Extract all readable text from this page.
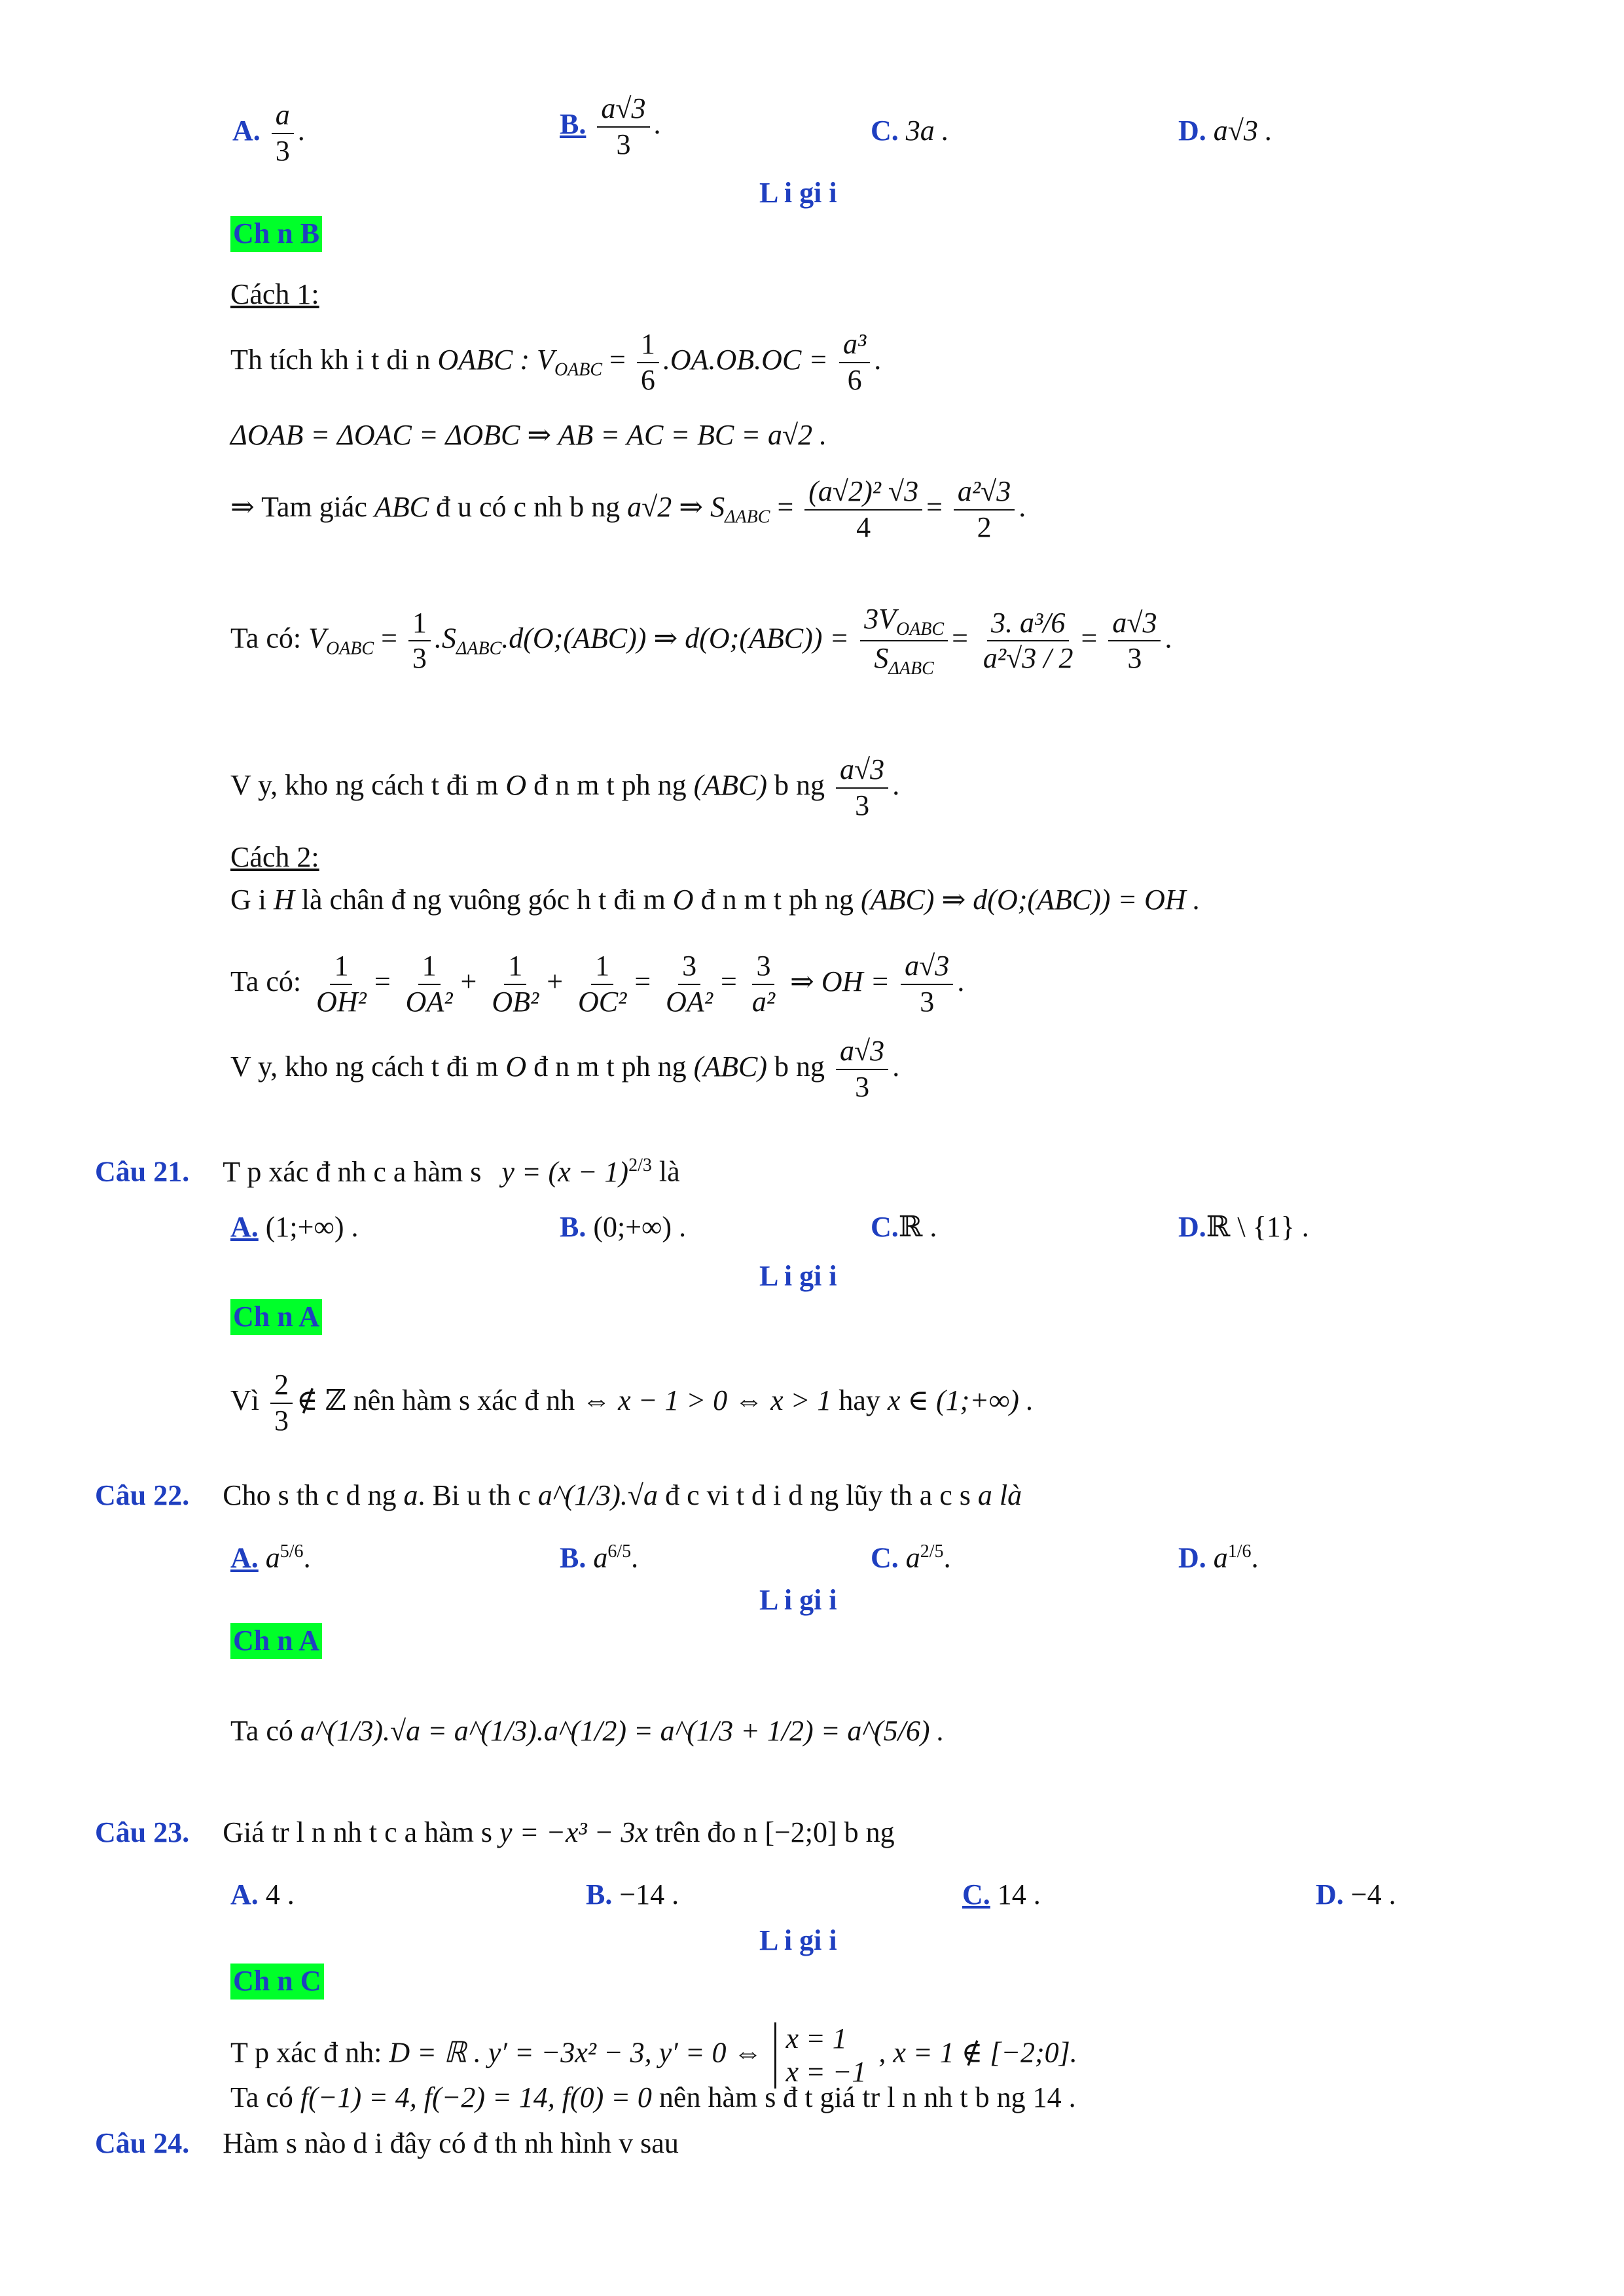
A. $\frac{a}{3}$ .	B. $\frac{a√3}{3}$ .	C. 3a .	D. a√3 .
L i gi i
Ch n B
Cách 1:
Th tích kh i t di n OABC : $V_{OABC} = \frac{1}{6} .OA.OB.OC = \frac{\text{a³}}{6}$ .
ΔOAB = ΔOAC = ΔOBC ⇒ AB = AC = BC = a√2 .
⇒ Tam giác ABC đ u có c nh b ng a√2 ⇒ $S_{\Delta ABC} = \frac{\text{(a√2)² √3}}{4} = \frac{\text{a²√3}}{2}$ .
Ta có: $V_{OABC} = \frac{1}{3}$ $.S_{\Delta ABC}.d(O;(ABC))$ ⇒ d(O;(ABC)) = $\frac{3V_{OABC}}{S_{\Delta ABC}} = \frac{\text{3. a³/6}}{\text{a²√3 / 2}} = \frac{a√3}{3}$ .
V y, kho ng cách t đi m O đ n m t ph ng (ABC) b ng $\frac{a√3}{3}$ .
Cách 2:
G i H là chân đ ng vuông góc h t đi m O đ n m t ph ng (ABC) ⇒ d(O;(ABC)) = OH .
Ta có: $\frac{1}{\text{OH²}} = \frac{1}{\text{OA²}} + \frac{1}{\text{OB²}} + \frac{1}{\text{OC²}} = \frac{3}{\text{OA²}} = \frac{3}{\text{a²}}$ ⇒ OH = $\frac{a√3}{3}$ .
V y, kho ng cách t đi m O đ n m t ph ng (ABC) b ng $\frac{a√3}{3}$ .
Câu 21. T p xác đ nh c a hàm s $y = (x - 1)^{2/3}$ là
A. (1;+∞) .	B. (0;+∞) .	C.ℝ .	D.ℝ \ {1} .
L i gi i
Ch n A
Vì $\frac{2}{3}$ ∉ ℤ nên hàm s xác đ nh ⇔ x − 1 > 0 ⇔ x > 1 hay x ∈ (1;+∞) .
Câu 22. Cho s th c d ng a. Bi u th c a^(1/3).√a đ c vi t d i d ng lũy th a c s a là
A. $a^{5/6}$.	B. $a^{6/5}$.	C. $a^{2/5}$.	D. $a^{1/6}$.
L i gi i
Ch n A
Ta có a^(1/3).√a = a^(1/3).a^(1/2) = a^(1/3 + 1/2) = a^(5/6) .
Câu 23. Giá tr l n nh t c a hàm s y = −x³ − 3x trên đo n [−2;0] b ng
A. 4 .	B. −14 .	C. 14 .	D. −4 .
L i gi i
Ch n C
T p xác đ nh: D = ℝ . y′ = −3x² − 3, y′ = 0 ⇔ x = 1
x = −1
, x = 1 ∉ [−2;0].
Ta có f(−1) = 4, f(−2) = 14, f(0) = 0 nên hàm s đ t giá tr l n nh t b ng 14 .
Câu 24. Hàm s nào d i đây có đ th nh hình v sau
